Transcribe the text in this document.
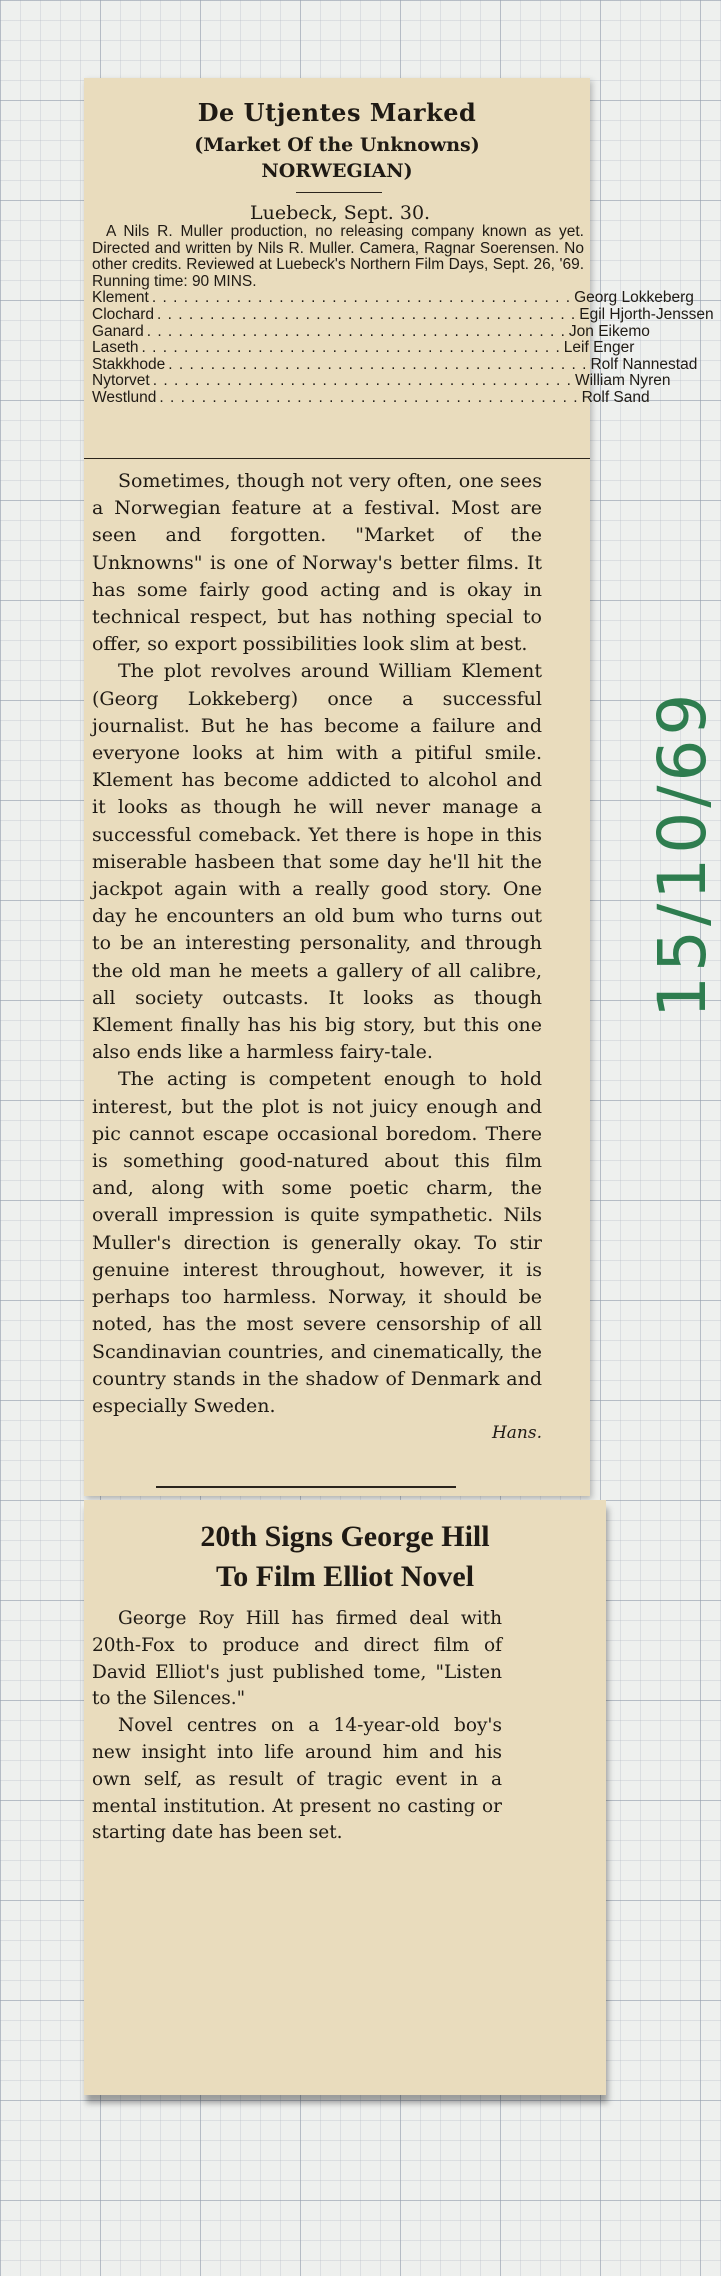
De Utjentes Marked
(Market Of the Unknowns)
NORWEGIAN)
Luebeck, Sept. 30.
A Nils R. Muller production, no releasing company known as yet. Directed and written by Nils R. Muller. Camera, Ragnar Soerensen. No other credits. Reviewed at Luebeck's Northern Film Days, Sept. 26, '69. Running time: 90 MINS.
Klement . . .	Georg Lokkeberg
Clochard . . .	Egil Hjorth-Jenssen
Ganard . . .	Jon Eikemo
Laseth . . .	Leif Enger
Stakkhode . . .	Rolf Nannestad
Nytorvet . . .	William Nyren
Westlund . . .	Rolf Sand

Sometimes, though not very often, one sees a Norwegian feature at a festival. Most are seen and forgotten. "Market of the Unknowns" is one of Norway's better films. It has some fairly good acting and is okay in technical respect, but has nothing special to offer, so export possibilities look slim at best.

The plot revolves around William Klement (Georg Lokkeberg) once a successful journalist. But he has become a failure and everyone looks at him with a pitiful smile. Klement has become addicted to alcohol and it looks as though he will never manage a successful comeback. Yet there is hope in this miserable hasbeen that some day he'll hit the jackpot again with a really good story. One day he encounters an old bum who turns out to be an interesting personality, and through the old man he meets a gallery of all calibre, all society outcasts. It looks as though Klement finally has his big story, but this one also ends like a harmless fairy-tale.

The acting is competent enough to hold interest, but the plot is not juicy enough and pic cannot escape occasional boredom. There is something good-natured about this film and, along with some poetic charm, the overall impression is quite sympathetic. Nils Muller's direction is generally okay. To stir genuine interest throughout, however, it is perhaps too harmless. Norway, it should be noted, has the most severe censorship of all Scandinavian countries, and cinematically, the country stands in the shadow of Denmark and especially Sweden.

Hans.
15/10/69
20th Signs George Hill
To Film Elliot Novel

George Roy Hill has firmed deal with 20th-Fox to produce and direct film of David Elliot's just published tome, "Listen to the Silences."

Novel centres on a 14-year-old boy's new insight into life around him and his own self, as result of tragic event in a mental institution. At present no casting or starting date has been set.
